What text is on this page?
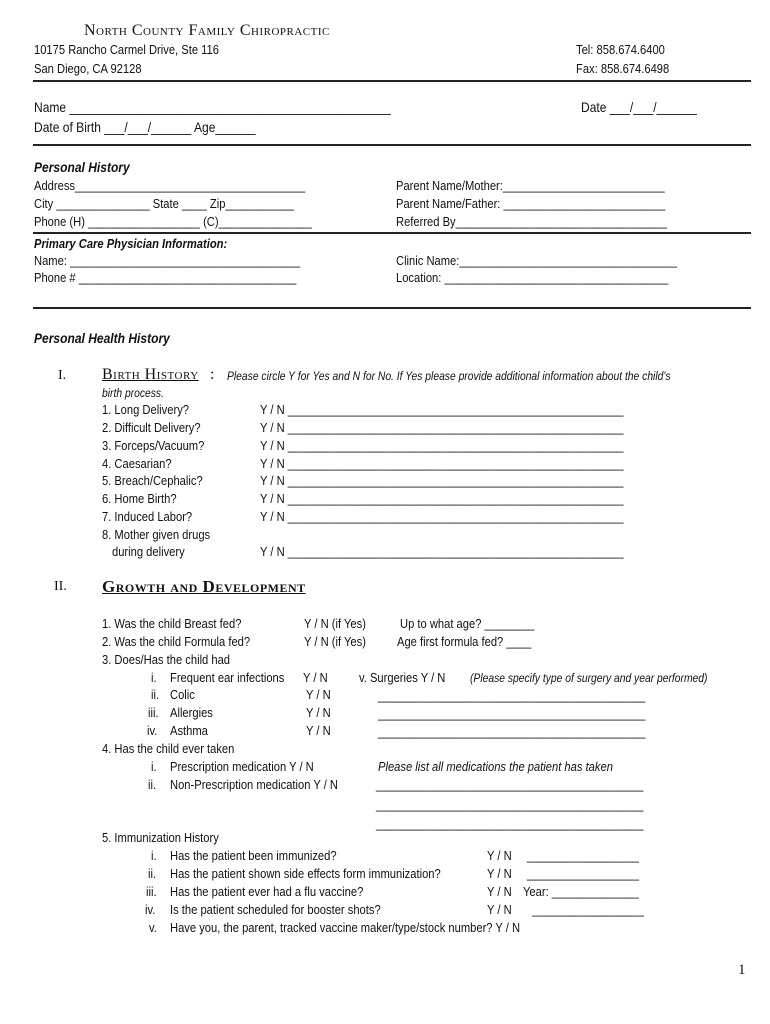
North County Family Chiropractic
10175 Rancho Carmel Drive, Ste 116
San Diego, CA 92128
Tel: 858.674.6400
Fax: 858.674.6498
Name ________________________________________________	Date ___/___/______
Date of Birth ___/___/______ Age______
Personal History
Address_____________________________________
City _______________ State ____ Zip___________
Phone (H) __________________ (C)_______________
Parent Name/Mother:__________________________
Parent Name/Father: __________________________
Referred By__________________________________
Primary Care Physician Information:
Name: _____________________________________
Phone # ___________________________________
Clinic Name:___________________________________
Location: ____________________________________
Personal Health History
I. Birth History : Please circle Y for Yes and N for No. If Yes please provide additional information about the child's
birth process.
1. Long Delivery?	Y / N ______________________________________________________
2. Difficult Delivery?	Y / N ______________________________________________________
3. Forceps/Vacuum?	Y / N ______________________________________________________
4. Caesarian?	Y / N ______________________________________________________
5. Breach/Cephalic?	Y / N ______________________________________________________
6. Home Birth?	Y / N ______________________________________________________
7. Induced Labor?	Y / N ______________________________________________________
8. Mother given drugs
during delivery	Y / N ______________________________________________________
II. Growth and Development
1. Was the child Breast fed?	Y / N (if Yes)	Up to what age? ________
2. Was the child Formula fed?	Y / N (if Yes) Age first formula fed? ____
3. Does/Has the child had
i. Frequent ear infections Y / N
ii. Colic	Y / N
iii. Allergies	Y / N
iv. Asthma	Y / N
v. Surgeries Y / N (Please specify type of surgery and year performed)
___________________________________________
___________________________________________
___________________________________________
4. Has the child ever taken
i. Prescription medication Y / N
ii. Non-Prescription medication Y / N
Please list all medications the patient has taken
___________________________________________
___________________________________________
___________________________________________
5. Immunization History
i. Has the patient been immunized?	Y / N __________________
ii. Has the patient shown side effects form immunization?	Y / N __________________
iii. Has the patient ever had a flu vaccine?	Y / N Year: ______________
iv. Is the patient scheduled for booster shots?	Y / N __________________
v. Have you, the parent, tracked vaccine maker/type/stock number? Y / N
1
